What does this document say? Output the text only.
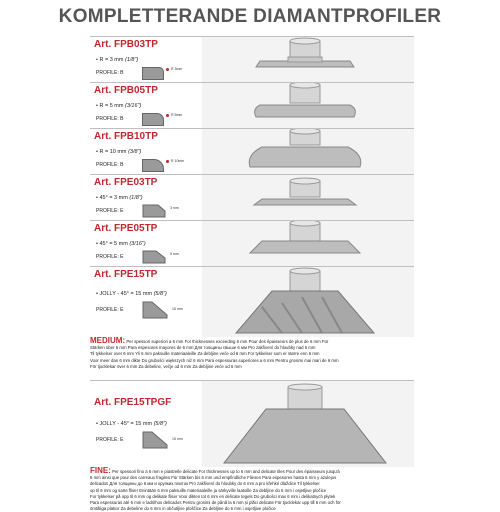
KOMPLETTERANDE DIAMANTPROFILER
Art. FPB03TP
• R = 3 mm (1/8")
PROFILE: B
R 3mm
Art. FPB05TP
• R = 5 mm (3/16")
PROFILE: B
R 5mm
Art. FPB10TP
• R = 10 mm (3/8")
PROFILE: B
R 10mm
Art. FPE03TP
• 45° = 3 mm (1/8")
PROFILE: E	3 mm
Art. FPE05TP
• 45° = 5 mm (3/16")
PROFILE: E	5 mm
Art. FPE15TP
• JOLLY - 45° = 15 mm (5/8")
PROFILE: E	15 mm
MEDIUM: Per spessori superiori a 6 mm For thicknesses exceeding 6 mm Pour des épaisseurs de plus de 6 mm Für
Stärken über 6 mm Para espesores mayores de 6 mm Для толщины свыше 6 мм Pro zakřivení do hloubky nad 6 mm
Til tykkelser over 6 mm Yli 6 mm paksuille materiaaleille Za debljine veće od 6 mm For tykkelser som er større enn 6 mm
Voor meer dan 6 mm dikte Do grubości większych niż 6 mm Para espessuras superiores a 6 mm Pentru grosimi mai mari de 6 mm
För tjocklekar över 6 mm Za debeline, večje od 6 mm Za debljine veće od 6 mm
Art. FPE15TPGF
• JOLLY - 45° = 15 mm (5/8")
PROFILE: E	15 mm
FINE: Per spessori fino a 6 mm e piastrelle delicate For thicknesses up to 6 mm and delicate tiles Pour des épaisseurs jusqu'à
6 mm ainsi que pour des carreaux fragiles Für Stärken bis 6 mm und empfindliche Fliesen Para espesores hasta 6 mm y azulejos
delicados Для толщины до 6 мм и хрупких плиток Pro zakřivení do hloubky do 6 mm a pro křehké dlaždice Til tykkelser
op til 6 mm og sarte fliser Enintään 6 mm paksuille materiaaleille ja särkyville laatoille Za debljine do 6 mm i osjetljive pločice
For tykkelser på opp til 6 mm og delikate fliser Voor dikten tot 6 mm en delicate tegels Do grubości max 6 mm i delikatnych płytek
Para espessuras até 6 mm e ladrilhos delicados Pentru grosimi de până la 6 mm și plăci delicate För tjocklekar upp till 6 mm och för
ömtåliga plattor Za debeline do 6 mm in občutljive ploščice Za debljine do 6 mm i osjetljive pločice
